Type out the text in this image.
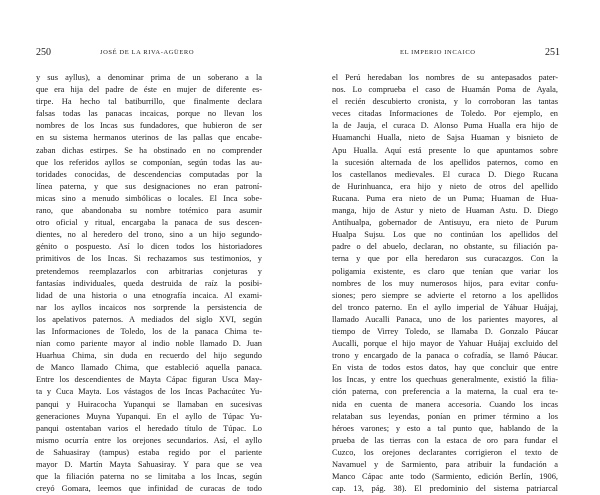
250	JOSÉ DE LA RIVA-AGÜERO
y sus ayllus), a denominar prima de un soberano a la
que era hija del padre de éste en mujer de diferente es-
tirpe. Ha hecho tal batiburrillo, que finalmente declara
falsas todas las panacas incaicas, porque no llevan los
nombres de los Incas sus fundadores, que hubieron de ser
en su sistema hermanos uterinos de las pallas que encabe-
zaban dichas estirpes. Se ha obstinado en no comprender
que los referidos ayllos se componían, según todas las au-
toridades conocidas, de descendencias computadas por la
línea paterna, y que sus designaciones no eran patroní-
micas sino a menudo simbólicas o locales. El Inca sobe-
rano, que abandonaba su nombre totémico para asumir
otro oficial y ritual, encargaba la panaca de sus descen-
dientes, no al heredero del trono, sino a un hijo segundo-
génito o pospuesto. Así lo dicen todos los historiadores
primitivos de los Incas. Si rechazamos sus testimonios, y
pretendemos reemplazarlos con arbitrarias conjeturas y
fantasías individuales, queda destruida de raíz la posibi-
lidad de una historia o una etnografía incaica. Al exami-
nar los ayllos incaicos nos sorprende la persistencia de
los apelativos paternos. A mediados del siglo XVI, según
las Informaciones de Toledo, los de la panaca Chima te-
nían como pariente mayor al indio noble llamado D. Juan
Huarhua Chima, sin duda en recuerdo del hijo segundo
de Manco llamado Chima, que estableció aquella panaca.
Entre los descendientes de Mayta Cápac figuran Usca May-
ta y Cuca Mayta. Los vástagos de los Incas Pachacútec Yu-
panqui y Huiracocha Yupanqui se llamaban en sucesivas
generaciones Muyna Yupanqui. En el ayllo de Túpac Yu-
panqui ostentaban varios el heredado título de Túpac. Lo
mismo ocurría entre los orejones secundarios. Así, el ayllo
de Sahuasiray (tampus) estaba regido por el pariente
mayor D. Martín Mayta Sahuasiray. Y para que se vea
que la filiación paterna no se limitaba a los Incas, según
creyó Gomara, leemos que infinidad de curacas de todo
EL IMPERIO INCAICO	251
el Perú heredaban los nombres de su antepasados pater-
nos. Lo comprueba el caso de Huamán Poma de Ayala,
el recién descubierto cronista, y lo corroboran las tantas
veces citadas Informaciones de Toledo. Por ejemplo, en
la de Jauja, el curaca D. Alonso Puma Hualla era hijo de
Huamanchi Hualla, nieto de Sajsa Huaman y bisnieto de
Apu Hualla. Aquí está presente lo que apuntamos sobre
la sucesión alternada de los apellidos paternos, como en
los castellanos medievales. El curaca D. Diego Rucana
de Hurinhuanca, era hijo y nieto de otros del apellido
Rucana. Puma era nieto de un Puma; Huaman de Hua-
manga, hijo de Astur y nieto de Huaman Astu. D. Diego
Antihualpa, gobernador de Antisuyu, era nieto de Purum
Hualpa Sujsu. Los que no continúan los apellidos del
padre o del abuelo, declaran, no obstante, su filiación pa-
terna y que por ella heredaron sus curacazgos. Con la
poligamia existente, es claro que tenían que variar los
nombres de los muy numerosos hijos, para evitar confu-
siones; pero siempre se advierte el retorno a los apellidos
del tronco paterno. En el ayllo imperial de Yáhuar Huájaj,
llamado Aucalli Panaca, uno de los parientes mayores, al
tiempo de Virrey Toledo, se llamaba D. Gonzalo Páucar
Aucalli, porque el hijo mayor de Yahuar Huájaj excluido del
trono y encargado de la panaca o cofradía, se llamó Páucar.
En vista de todos estos datos, hay que concluir que entre
los Incas, y entre los quechuas generalmente, existió la filia-
ción paterna, con preferencia a la materna, la cual era te-
nida en cuenta de manera accesoria. Cuando los incas
relataban sus leyendas, ponían en primer término a los
héroes varones; y esto a tal punto que, hablando de la
prueba de las tierras con la estaca de oro para fundar el
Cuzco, los orejones declarantes corrigieron el texto de
Navamuel y de Sarmiento, para atribuir la fundación a
Manco Cápac ante todo (Sarmiento, edición Berlín, 1906,
cap. 13, pág. 38). El predominio del sistema patriarcal
